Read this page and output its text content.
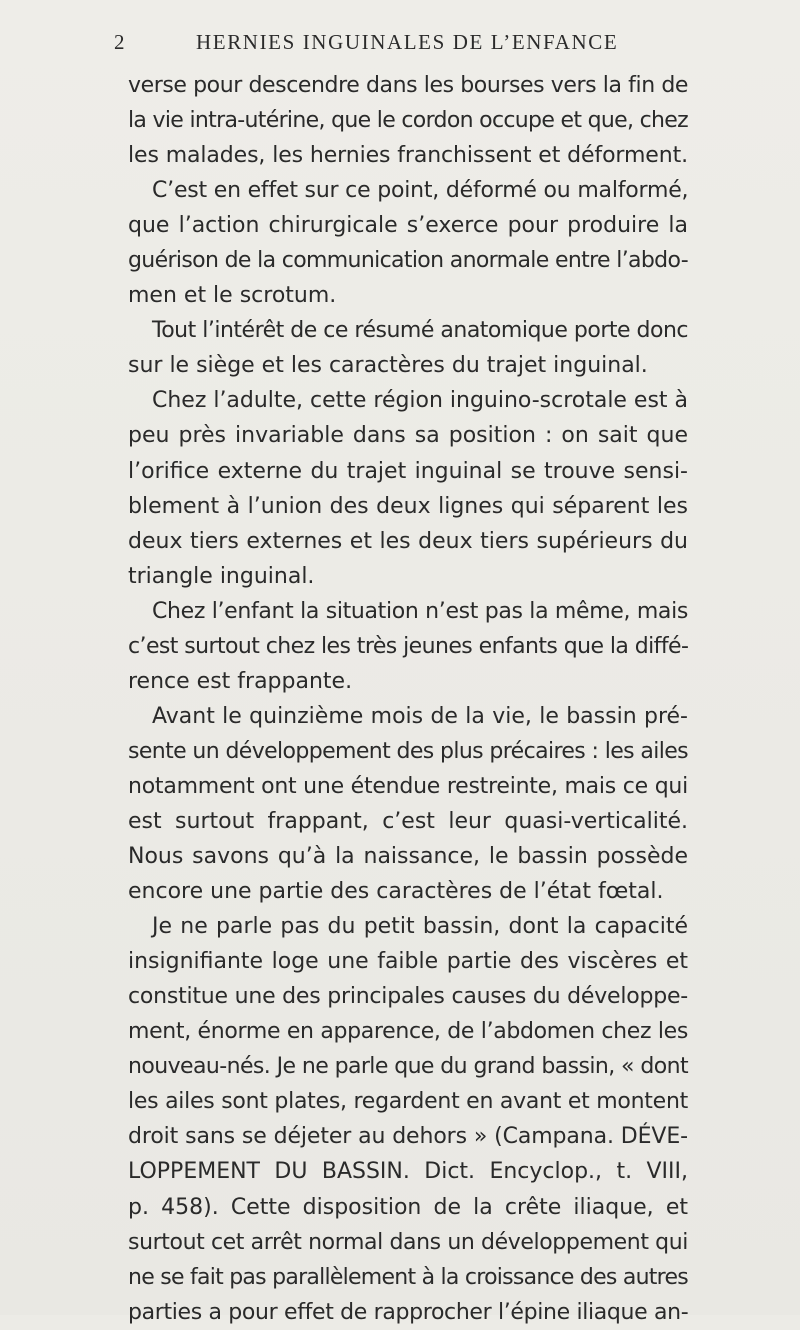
2	HERNIES INGUINALES DE L’ENFANCE
verse pour descendre dans les bourses vers la fin de
la vie intra-utérine, que le cordon occupe et que, chez
les malades, les hernies franchissent et déforment.
C’est en effet sur ce point, déformé ou malformé,
que l’action chirurgicale s’exerce pour produire la
guérison de la communication anormale entre l’abdo-
men et le scrotum.
Tout l’intérêt de ce résumé anatomique porte donc
sur le siège et les caractères du trajet inguinal.
Chez l’adulte, cette région inguino-scrotale est à
peu près invariable dans sa position : on sait que
l’orifice externe du trajet inguinal se trouve sensi-
blement à l’union des deux lignes qui séparent les
deux tiers externes et les deux tiers supérieurs du
triangle inguinal.
Chez l’enfant la situation n’est pas la même, mais
c’est surtout chez les très jeunes enfants que la diffé-
rence est frappante.
Avant le quinzième mois de la vie, le bassin pré-
sente un développement des plus précaires : les ailes
notamment ont une étendue restreinte, mais ce qui
est surtout frappant, c’est leur quasi-verticalité.
Nous savons qu’à la naissance, le bassin possède
encore une partie des caractères de l’état fœtal.
Je ne parle pas du petit bassin, dont la capacité
insignifiante loge une faible partie des viscères et
constitue une des principales causes du développe-
ment, énorme en apparence, de l’abdomen chez les
nouveau-nés. Je ne parle que du grand bassin, « dont
les ailes sont plates, regardent en avant et montent
droit sans se déjeter au dehors » (Campana. DÉVE-
LOPPEMENT DU BASSIN. Dict. Encyclop., t. VIII,
p. 458). Cette disposition de la crête iliaque, et
surtout cet arrêt normal dans un développement qui
ne se fait pas parallèlement à la croissance des autres
parties a pour effet de rapprocher l’épine iliaque an-
